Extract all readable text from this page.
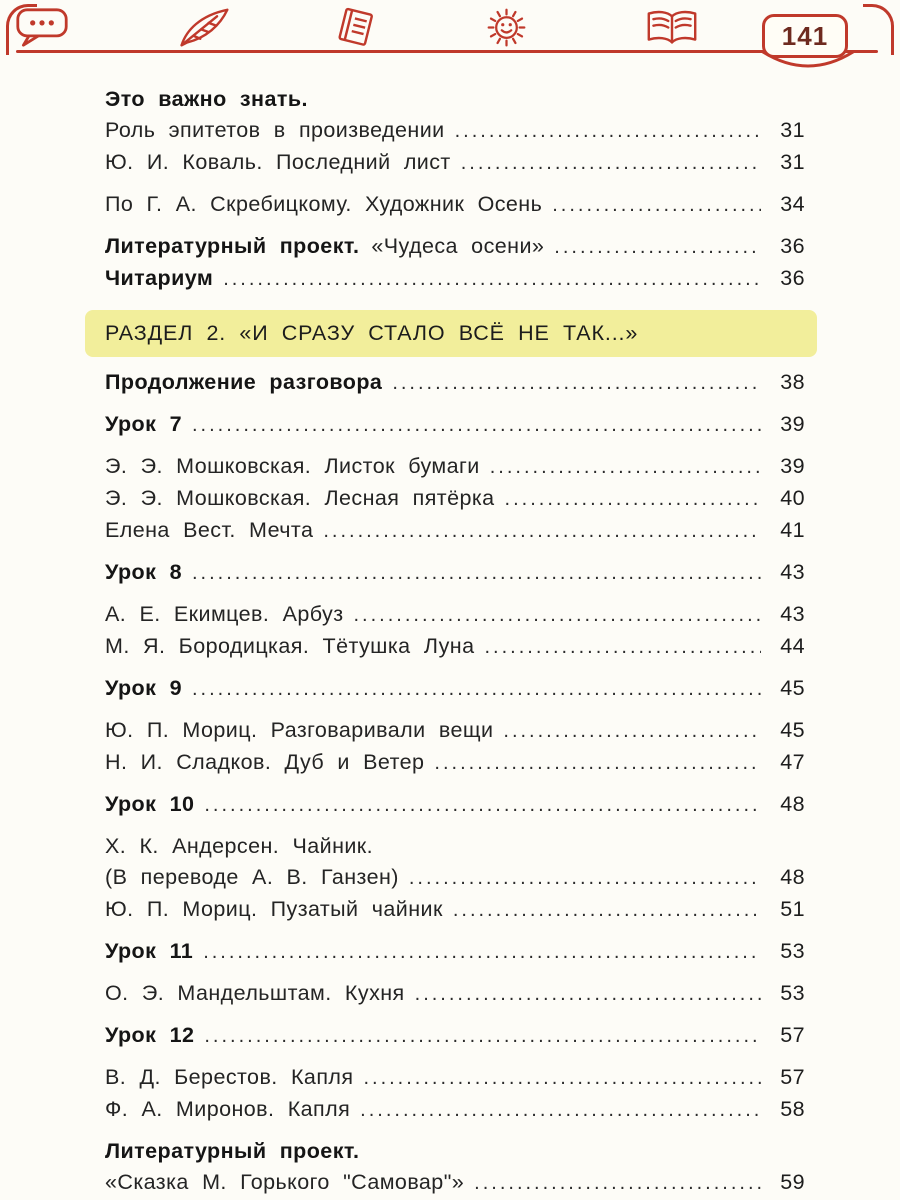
141
Это важно знать.
Роль эпитетов в произведении .....	31
Ю. И. Коваль. Последний лист .....	31
По Г. А. Скребицкому. Художник Осень .....	34
Литературный проект. «Чудеса осени» .....	36
Читариум .....	36
РАЗДЕЛ 2. «И СРАЗУ СТАЛО ВСЁ НЕ ТАК...»
Продолжение разговора .....	38
Урок 7 .....	39
Э. Э. Мошковская. Листок бумаги .....	39
Э. Э. Мошковская. Лесная пятёрка .....	40
Елена Вест. Мечта .....	41
Урок 8 .....	43
А. Е. Екимцев. Арбуз .....	43
М. Я. Бородицкая. Тётушка Луна .....	44
Урок 9 .....	45
Ю. П. Мориц. Разговаривали вещи .....	45
Н. И. Сладков. Дуб и Ветер .....	47
Урок 10 .....	48
Х. К. Андерсен. Чайник.
(В переводе А. В. Ганзен) .....	48
Ю. П. Мориц. Пузатый чайник .....	51
Урок 11 .....	53
О. Э. Мандельштам. Кухня .....	53
Урок 12 .....	57
В. Д. Берестов. Капля .....	57
Ф. А. Миронов. Капля .....	58
Литературный проект.
«Сказка М. Горького "Самовар"» .....	59
